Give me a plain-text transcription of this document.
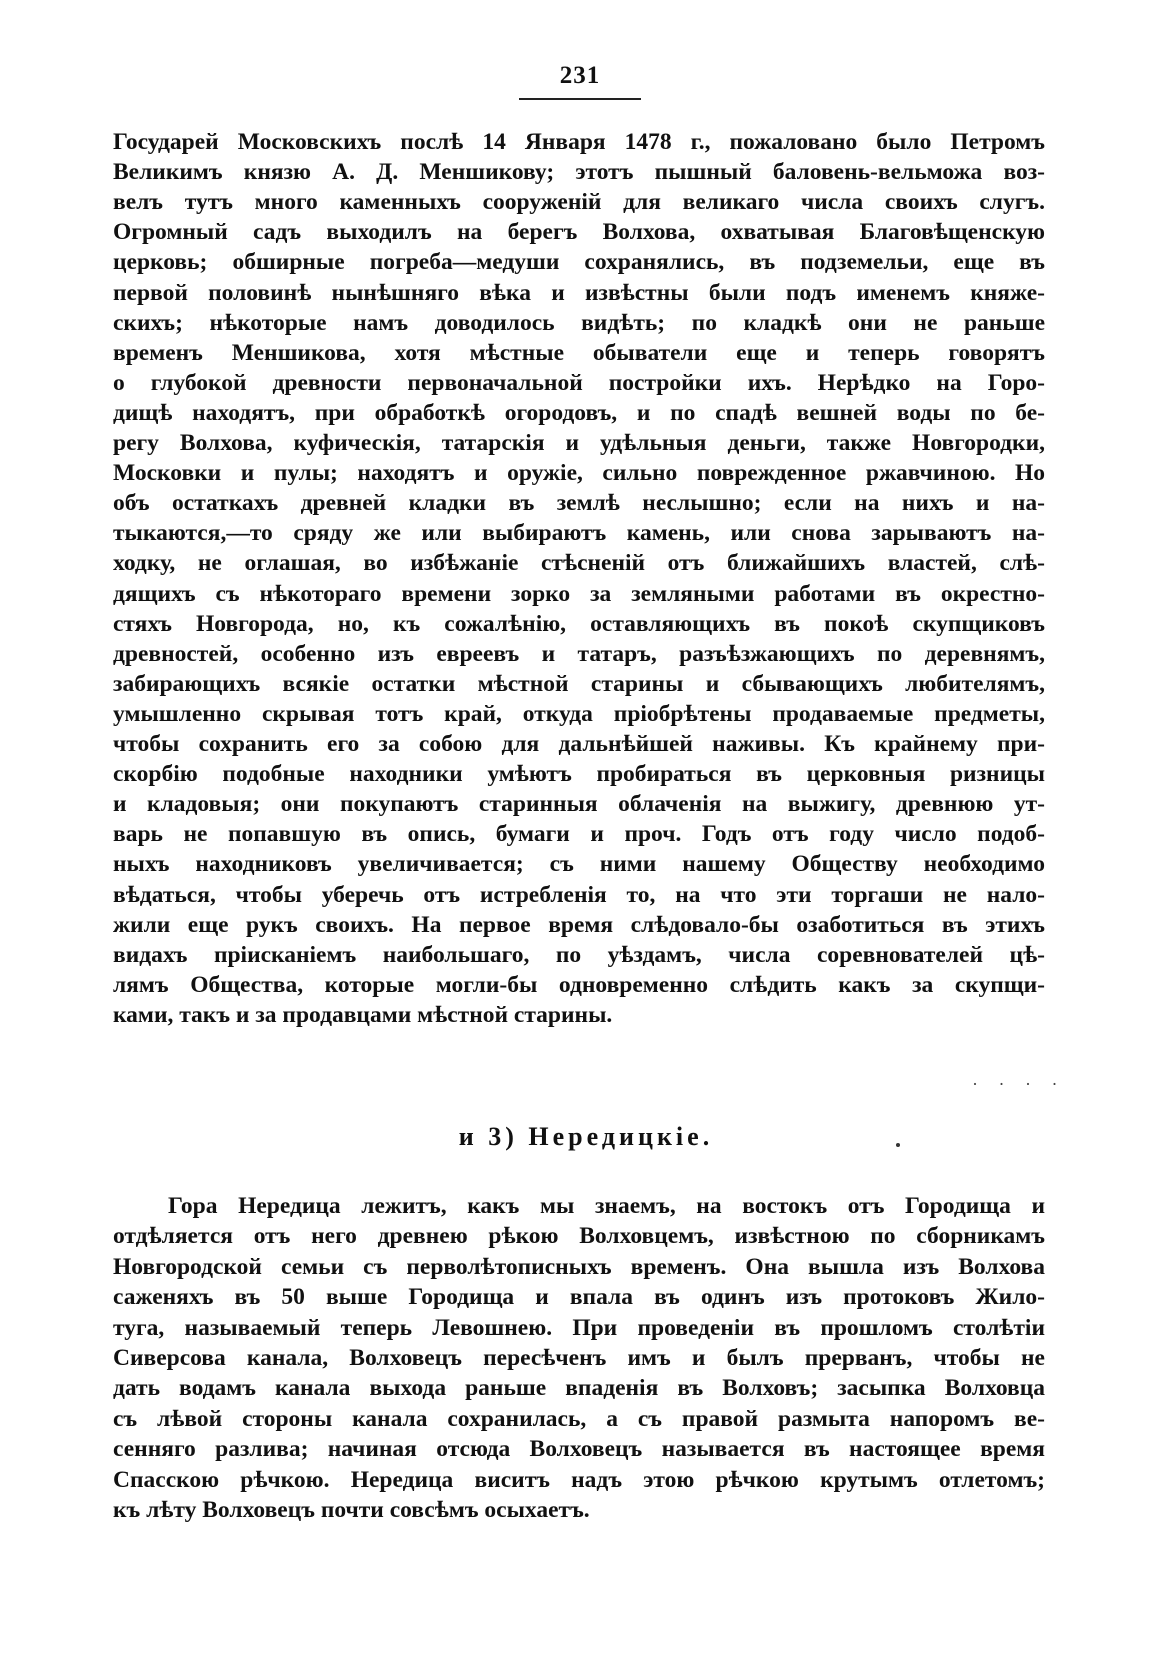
231
Государей Московскихъ послѣ 14 Января 1478 г., пожаловано было Петромъ
Великимъ князю А. Д. Меншикову; этотъ пышный баловень-вельможа воз-
велъ тутъ много каменныхъ сооруженій для великаго числа своихъ слугъ.
Огромный садъ выходилъ на берегъ Волхова, охватывая Благовѣщенскую
церковь; обширные погреба—медуши сохранялись, въ подземельи, еще въ
первой половинѣ нынѣшняго вѣка и извѣстны были подъ именемъ княже-
скихъ; нѣкоторые намъ доводилось видѣть; по кладкѣ они не раньше
временъ Меншикова, хотя мѣстные обыватели еще и теперь говорятъ
о глубокой древности первоначальной постройки ихъ. Нерѣдко на Горо-
дищѣ находятъ, при обработкѣ огородовъ, и по спадѣ вешней воды по бе-
регу Волхова, куфическія, татарскія и удѣльныя деньги, также Новгородки,
Московки и пулы; находятъ и оружіе, сильно поврежденное ржавчиною. Но
объ остаткахъ древней кладки въ землѣ неслышно; если на нихъ и на-
тыкаются,—то сряду же или выбираютъ камень, или снова зарываютъ на-
ходку, не оглашая, во избѣжаніе стѣсненій отъ ближайшихъ властей, слѣ-
дящихъ съ нѣкотораго времени зорко за земляными работами въ окрестно-
стяхъ Новгорода, но, къ сожалѣнію, оставляющихъ въ покоѣ скупщиковъ
древностей, особенно изъ евреевъ и татаръ, разъѣзжающихъ по деревнямъ,
забирающихъ всякіе остатки мѣстной старины и сбывающихъ любителямъ,
умышленно скрывая тотъ край, откуда пріобрѣтены продаваемые предметы,
чтобы сохранить его за собою для дальнѣйшей наживы. Къ крайнему при-
скорбію подобные находники умѣютъ пробираться въ церковныя ризницы
и кладовыя; они покупаютъ старинныя облаченія на выжигу, древнюю ут-
варь не попавшую въ опись, бумаги и проч. Годъ отъ году число подоб-
ныхъ находниковъ увеличивается; съ ними нашему Обществу необходимо
вѣдаться, чтобы уберечь отъ истребленія то, на что эти торгаши не нало-
жили еще рукъ своихъ. На первое время слѣдовало-бы озаботиться въ этихъ
видахъ пріисканіемъ наибольшаго, по уѣздамъ, числа соревнователей цѣ-
лямъ Общества, которые могли-бы одновременно слѣдить какъ за скупщи-
ками, такъ и за продавцами мѣстной старины.
· · · ·
и 3) Нередицкіе.
Гора Нередица лежитъ, какъ мы знаемъ, на востокъ отъ Городища и
отдѣляется отъ него древнею рѣкою Волховцемъ, извѣстною по сборникамъ
Новгородской семьи съ перволѣтописныхъ временъ. Она вышла изъ Волхова
саженяхъ въ 50 выше Городища и впала въ одинъ изъ протоковъ Жило-
туга, называемый теперь Левошнею. При проведеніи въ прошломъ столѣтіи
Сиверсова канала, Волховецъ пересѣченъ имъ и былъ прерванъ, чтобы не
дать водамъ канала выхода раньше впаденія въ Волховъ; засыпка Волховца
съ лѣвой стороны канала сохранилась, а съ правой размыта напоромъ ве-
сенняго разлива; начиная отсюда Волховецъ называется въ настоящее время
Спасскою рѣчкою. Нередица виситъ надъ этою рѣчкою крутымъ отлетомъ;
къ лѣту Волховецъ почти совсѣмъ осыхаетъ.
